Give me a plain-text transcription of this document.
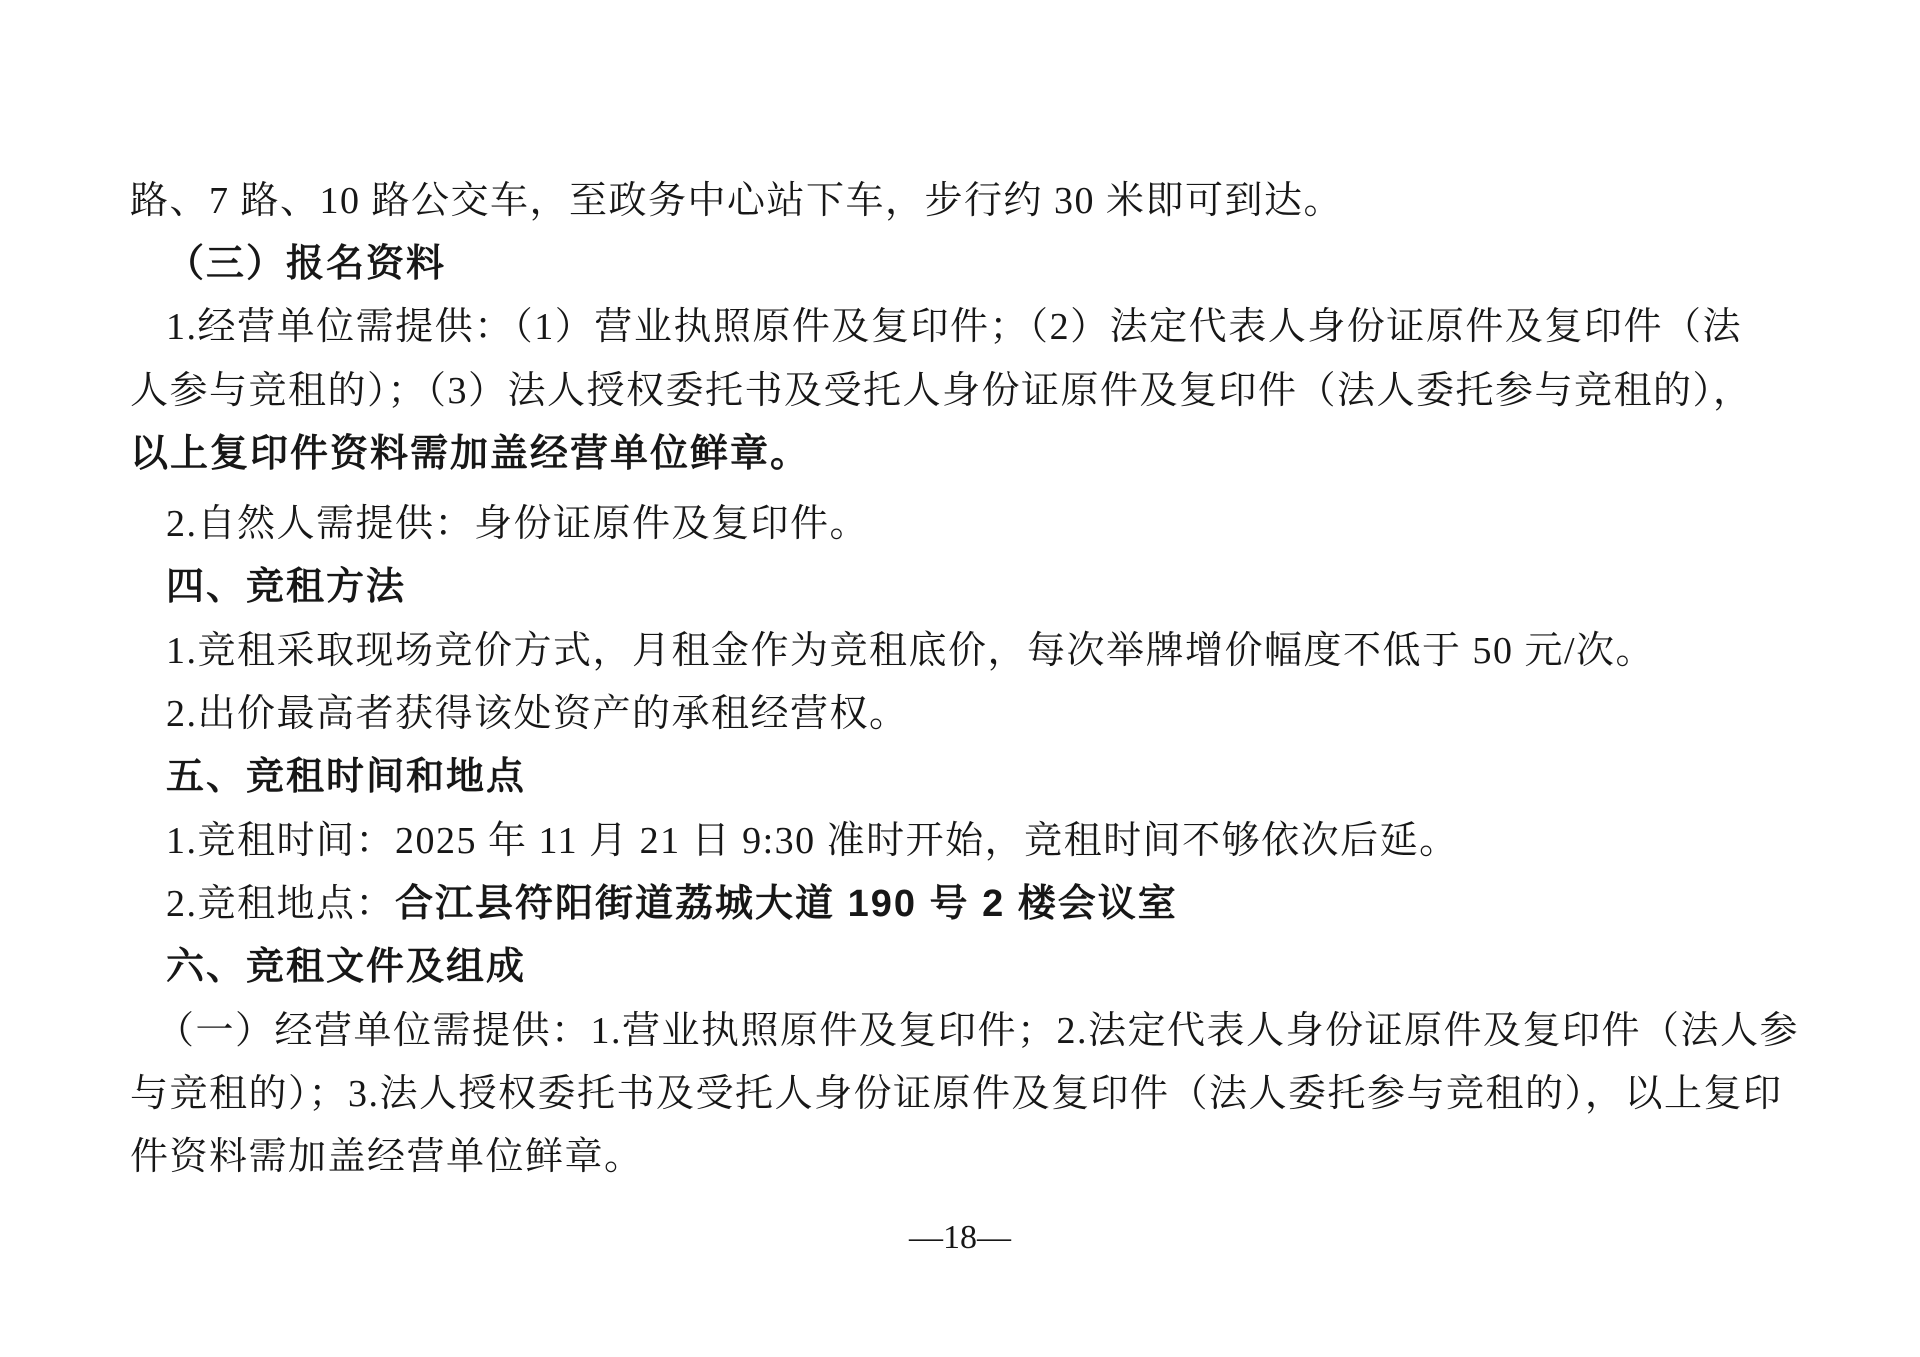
路、7 路、10 路公交车，至政务中心站下车，步行约 30 米即可到达。
（三）报名资料
1.经营单位需提供：（1）营业执照原件及复印件；（2）法定代表人身份证原件及复印件（法
人参与竞租的）；（3）法人授权委托书及受托人身份证原件及复印件（法人委托参与竞租的），
以上复印件资料需加盖经营单位鲜章。
2.自然人需提供：身份证原件及复印件。
四、竞租方法
1.竞租采取现场竞价方式，月租金作为竞租底价，每次举牌增价幅度不低于 50 元/次。
2.出价最高者获得该处资产的承租经营权。
五、竞租时间和地点
1.竞租时间：2025 年 11 月 21 日 9:30 准时开始，竞租时间不够依次后延。
2.竞租地点：合江县符阳街道荔城大道 190 号 2 楼会议室
六、竞租文件及组成
（一）经营单位需提供：1.营业执照原件及复印件；2.法定代表人身份证原件及复印件（法人参
与竞租的）；3.法人授权委托书及受托人身份证原件及复印件（法人委托参与竞租的），以上复印
件资料需加盖经营单位鲜章。
—18—
